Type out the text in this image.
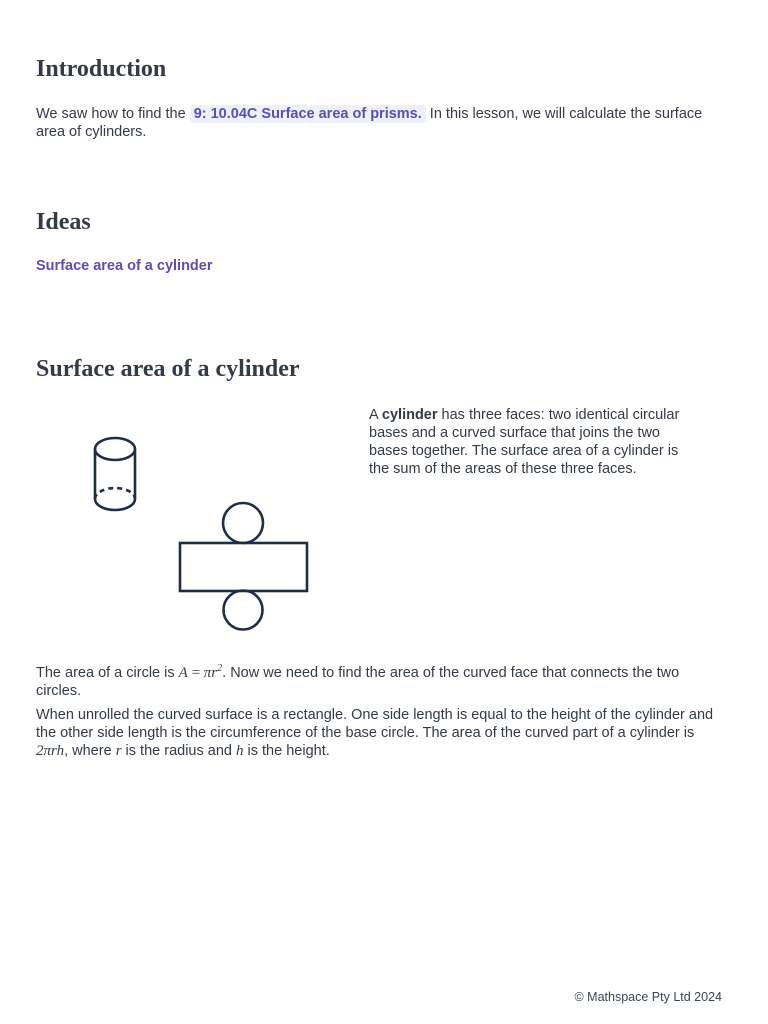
Introduction

We saw how to find the 9: 10.04C Surface area of prisms. In this lesson, we will calculate the surface area of cylinders.

Ideas
Surface area of a cylinder
Surface area of a cylinder

A cylinder has three faces: two identical circular bases and a curved surface that joins the two bases together. The surface area of a cylinder is the sum of the areas of these three faces.

The area of a circle is $A = \pi r^2$. Now we need to find the area of the curved face that connects the two circles.

When unrolled the curved surface is a rectangle. One side length is equal to the height of the cylinder and the other side length is the circumference of the base circle. The area of the curved part of a cylinder is 2πrh, where r is the radius and h is the height.

© Mathspace Pty Ltd 2024
